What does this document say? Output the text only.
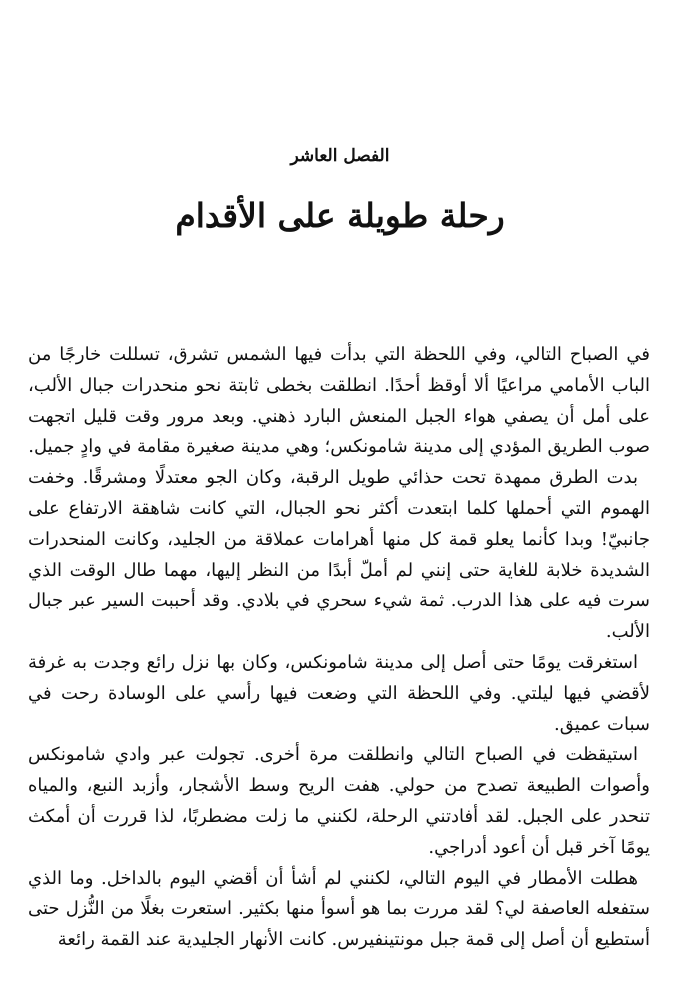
الفصل العاشر
رحلة طويلة على الأقدام

في الصباح التالي، وفي اللحظة التي بدأت فيها الشمس تشرق، تسللت خارجًا من الباب الأمامي مراعيًا ألا أوقظ أحدًا. انطلقت بخطى ثابتة نحو منحدرات جبال الألب، على أمل أن يصفي هواء الجبل المنعش البارد ذهني. وبعد مرور وقت قليل اتجهت صوب الطريق المؤدي إلى مدينة شامونكس؛ وهي مدينة صغيرة مقامة في وادٍ جميل.

بدت الطرق ممهدة تحت حذائي طويل الرقبة، وكان الجو معتدلًا ومشرقًا. وخفت الهموم التي أحملها كلما ابتعدت أكثر نحو الجبال، التي كانت شاهقة الارتفاع على جانبيّ! وبدا كأنما يعلو قمة كل منها أهرامات عملاقة من الجليد، وكانت المنحدرات الشديدة خلابة للغاية حتى إنني لم أملّ أبدًا من النظر إليها، مهما طال الوقت الذي سرت فيه على هذا الدرب. ثمة شيء سحري في بلادي. وقد أحببت السير عبر جبال الألب.

استغرقت يومًا حتى أصل إلى مدينة شامونكس، وكان بها نزل رائع وجدت به غرفة لأقضي فيها ليلتي. وفي اللحظة التي وضعت فيها رأسي على الوسادة رحت في سبات عميق.

استيقظت في الصباح التالي وانطلقت مرة أخرى. تجولت عبر وادي شامونكس وأصوات الطبيعة تصدح من حولي. هفت الريح وسط الأشجار، وأزبد النبع، والمياه تنحدر على الجبل. لقد أفادتني الرحلة، لكنني ما زلت مضطربًا، لذا قررت أن أمكث يومًا آخر قبل أن أعود أدراجي.

هطلت الأمطار في اليوم التالي، لكنني لم أشأ أن أقضي اليوم بالداخل. وما الذي ستفعله العاصفة لي؟ لقد مررت بما هو أسوأ منها بكثير. استعرت بغلًا من النُّزل حتى أستطيع أن أصل إلى قمة جبل مونتينفيرس. كانت الأنهار الجليدية عند القمة رائعة
